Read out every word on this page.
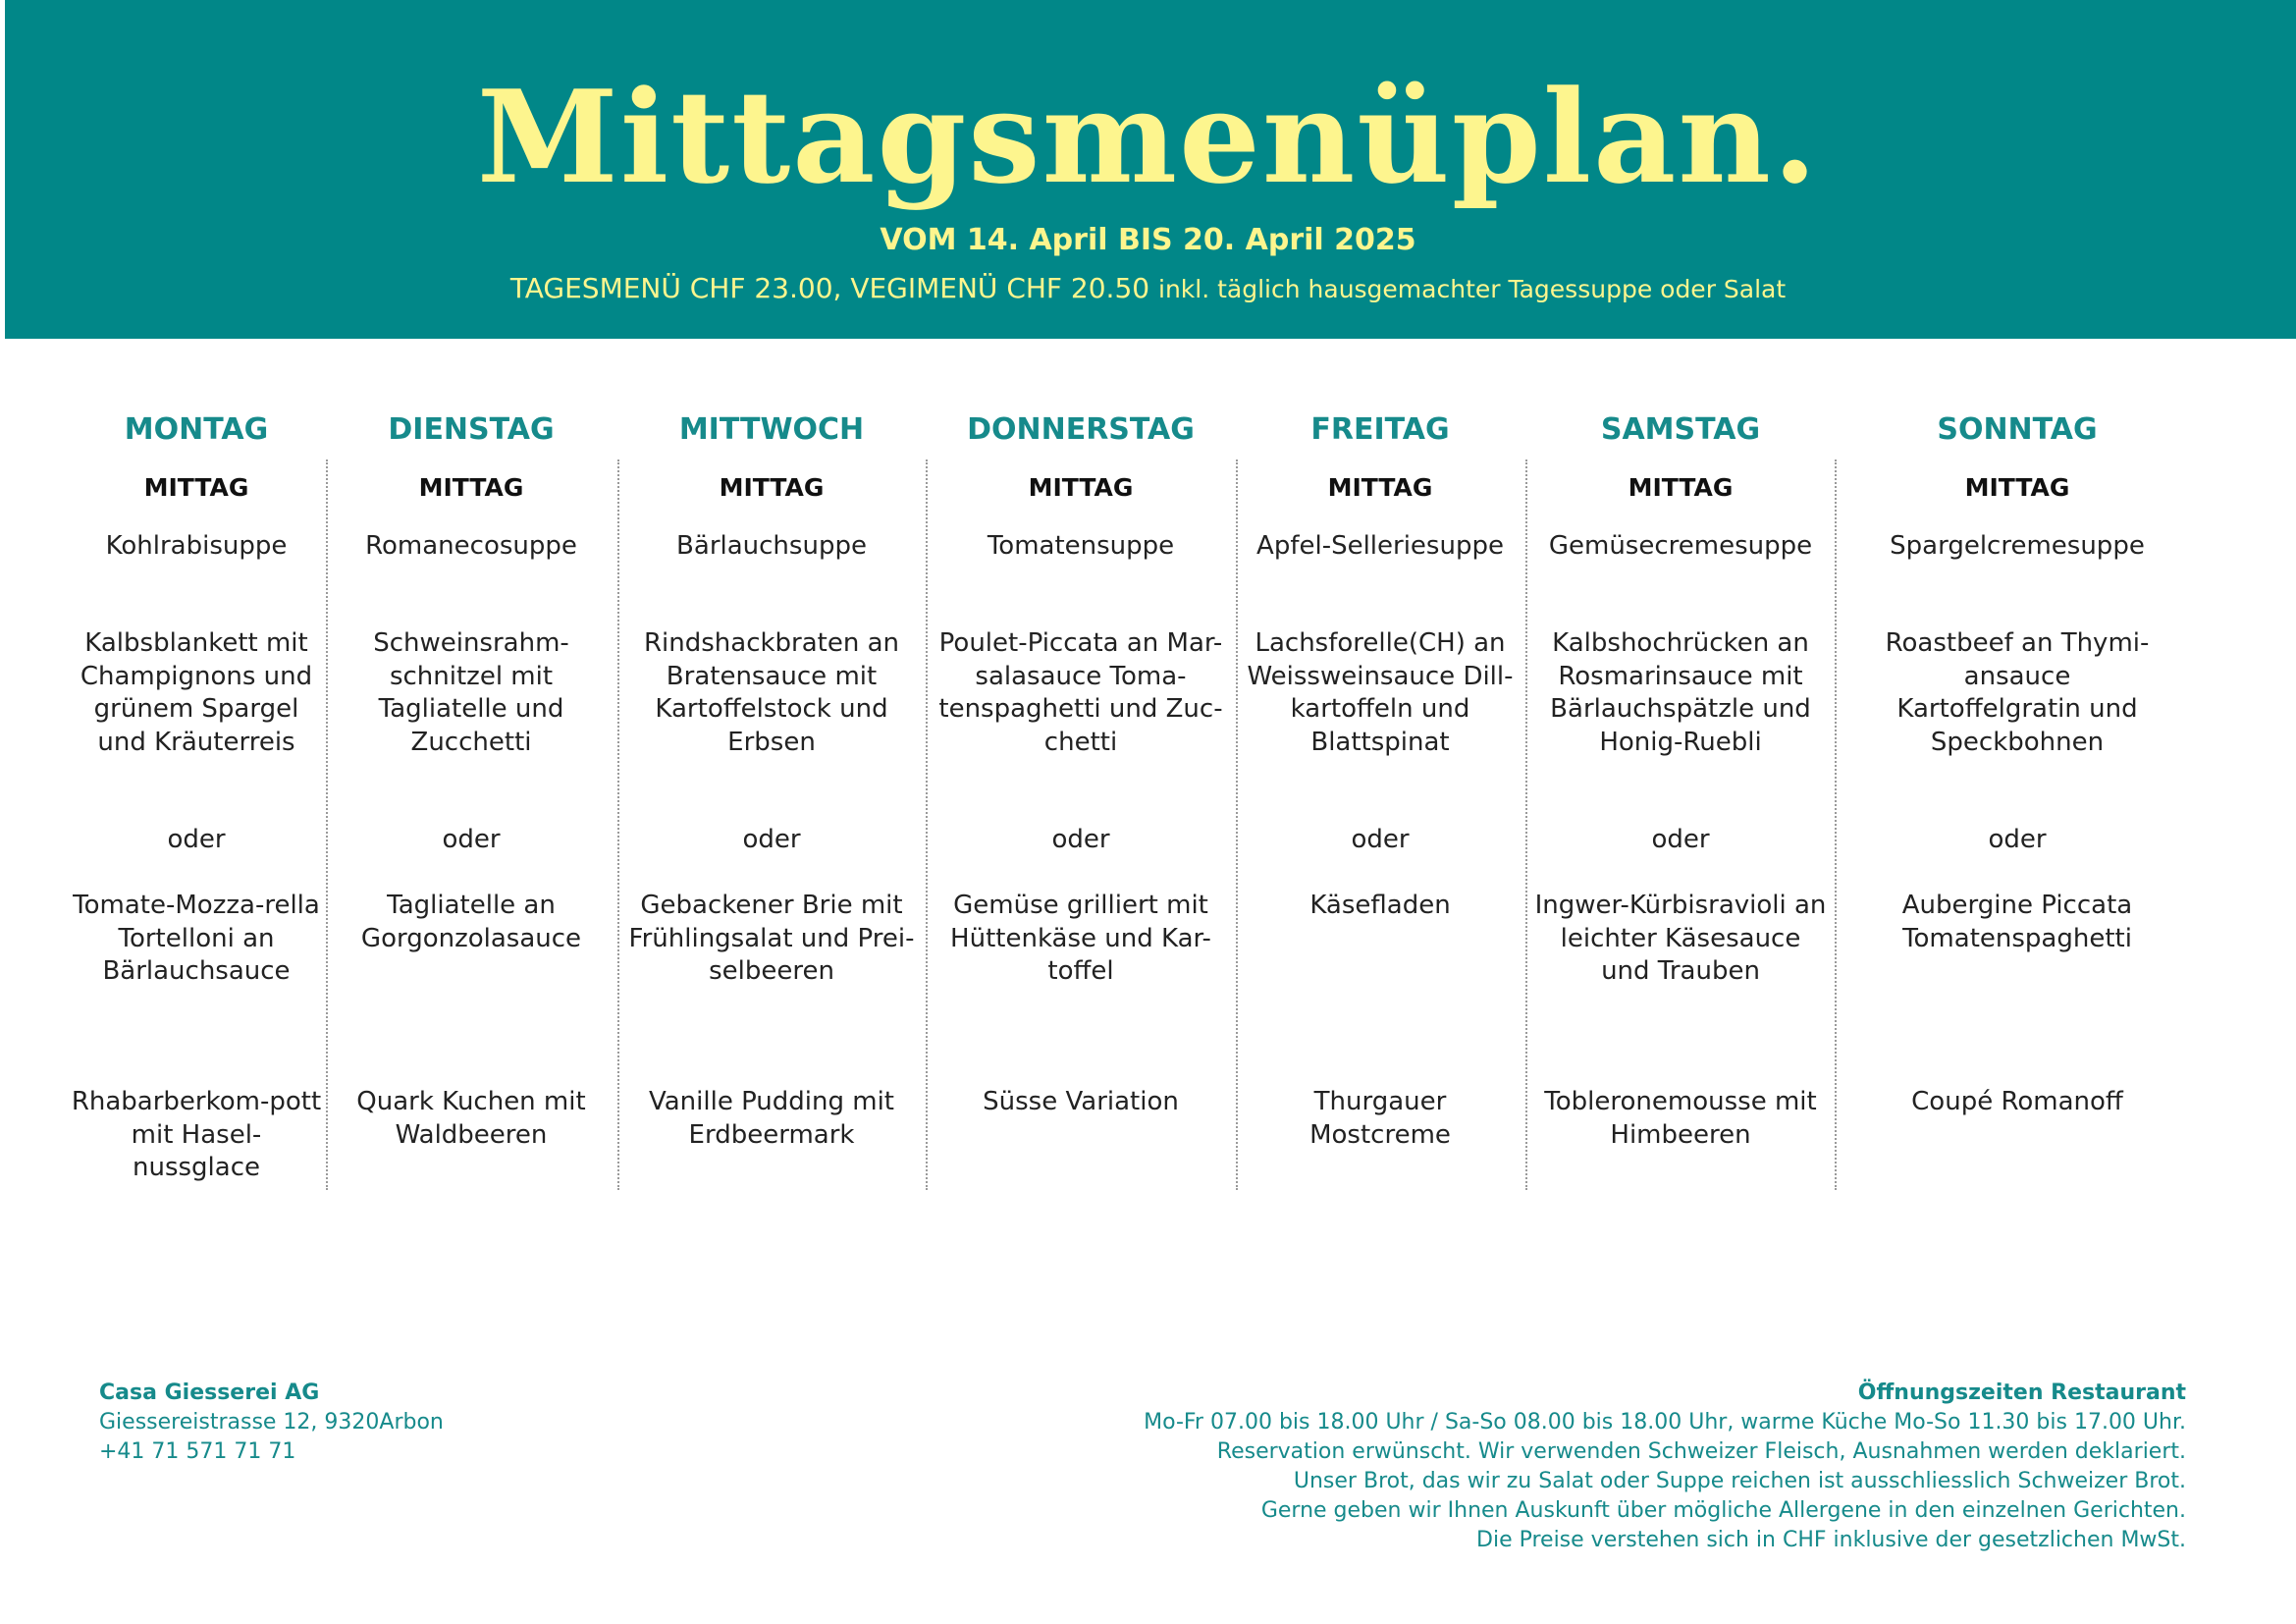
Mittagsmenüplan.
VOM 14. April BIS 20. April 2025
TAGESMENÜ CHF 23.00, VEGIMENÜ CHF 20.50 inkl. täglich hausgemachter Tagessuppe oder Salat
MONTAG
MITTAG
Kohlrabisuppe
Kalbsblankett mit Champignons und grünem Spargel und Kräuterreis
oder
Tomate-Mozza-rella Tortelloni an Bärlauchsauce
Rhabarberkom-pott mit Hasel-nussglace
DIENSTAG
MITTAG
Romanecosuppe
Schweinsrahm-schnitzel mit Tagliatelle und Zucchetti
oder
Tagliatelle an Gorgonzolasauce
Quark Kuchen mit Waldbeeren
MITTWOCH
MITTAG
Bärlauchsuppe
Rindshackbraten an Bratensauce mit Kartoffelstock und Erbsen
oder
Gebackener Brie mit Frühlingsalat und Prei-selbeeren
Vanille Pudding mit Erdbeermark
DONNERSTAG
MITTAG
Tomatensuppe
Poulet-Piccata an Mar-salasauce Toma-tenspaghetti und Zuc-chetti
oder
Gemüse grilliert mit Hüttenkäse und Kar-toffel
Süsse Variation
FREITAG
MITTAG
Apfel-Selleriesuppe
Lachsforelle(CH) an Weissweinsauce Dill-kartoffeln und Blattspinat
oder
Käsefladen
Thurgauer Mostcreme
SAMSTAG
MITTAG
Gemüsecremesuppe
Kalbshochrücken an Rosmarinsauce mit Bärlauchspätzle und Honig-Ruebli
oder
Ingwer-Kürbisravioli an leichter Käsesauce und Trauben
Tobleronemousse mit Himbeeren
SONNTAG
MITTAG
Spargelcremesuppe
Roastbeef an Thymi-ansauce Kartoffelgratin und Speckbohnen
oder
Aubergine Piccata Tomatenspaghetti
Coupé Romanoff
Casa Giesserei AG
Giessereistrasse 12, 9320Arbon
+41 71 571 71 71
Öffnungszeiten Restaurant
Mo-Fr 07.00 bis 18.00 Uhr / Sa-So 08.00 bis 18.00 Uhr, warme Küche Mo-So 11.30 bis 17.00 Uhr.
Reservation erwünscht. Wir verwenden Schweizer Fleisch, Ausnahmen werden deklariert.
Unser Brot, das wir zu Salat oder Suppe reichen ist ausschliesslich Schweizer Brot.
Gerne geben wir Ihnen Auskunft über mögliche Allergene in den einzelnen Gerichten.
Die Preise verstehen sich in CHF inklusive der gesetzlichen MwSt.
